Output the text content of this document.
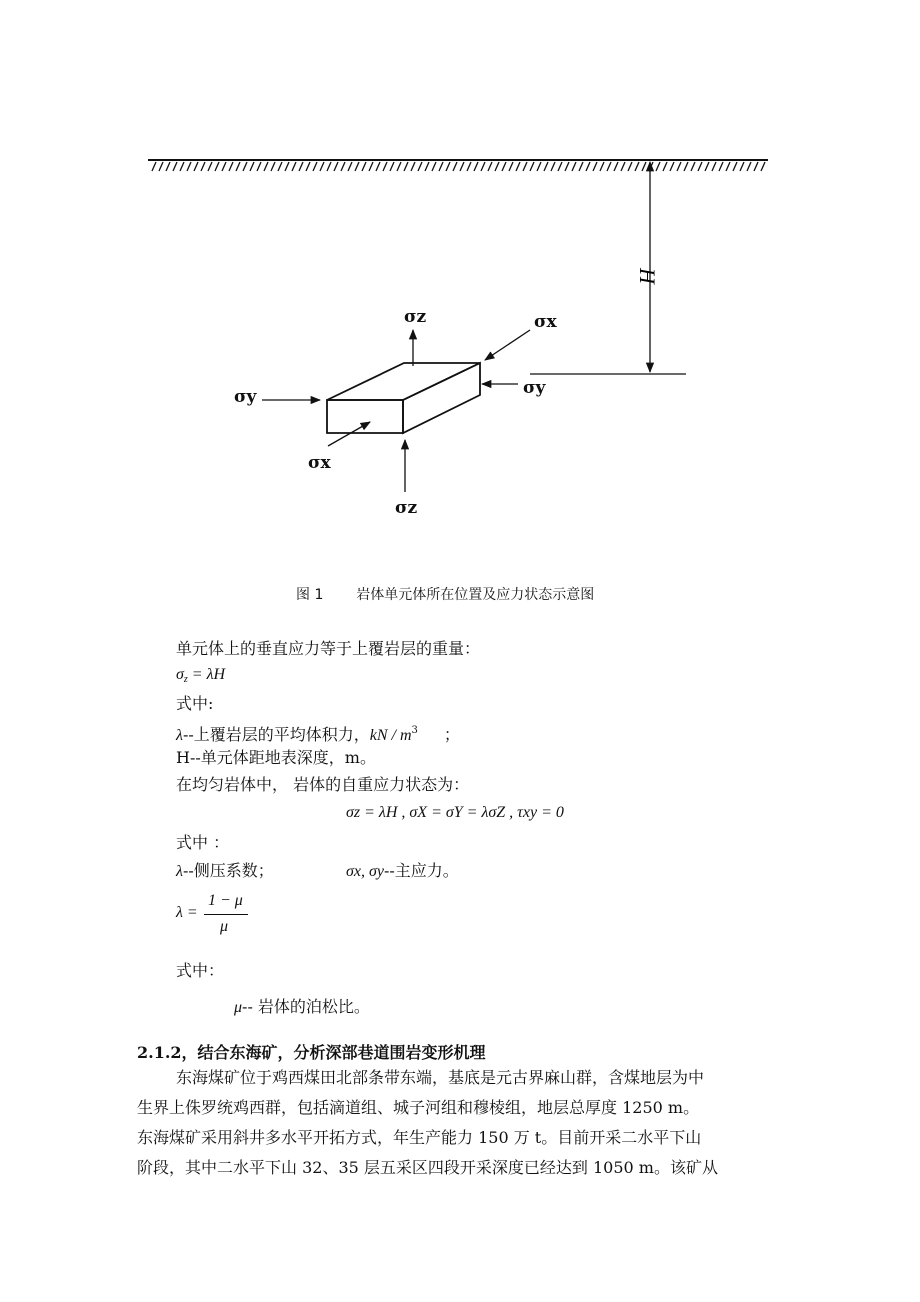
H
σz
σz
σy	σy
σx
σx
图 1 岩体单元体所在位置及应力状态示意图
单元体上的垂直应力等于上覆岩层的重量：
$\sigma_z = \lambda H$
式中:
λ--上覆岩层的平均体积力，kN / $m^3$ ；
H--单元体距地表深度，m。
在均匀岩体中， 岩体的自重应力状态为：
σz = λH , σX = σY = λσZ , τxy = 0
式中 ：
λ--侧压系数；	σx, σy--主应力。
λ =
1 − μ
μ
式中：
μ-- 岩体的泊松比。
2.1.2，结合东海矿，分析深部巷道围岩变形机理
东海煤矿位于鸡西煤田北部条带东端，基底是元古界麻山群，含煤地层为中
生界上侏罗统鸡西群，包括滴道组、城子河组和穆棱组，地层总厚度 1250 m。
东海煤矿采用斜井多水平开拓方式，年生产能力 150 万 t。目前开采二水平下山
阶段，其中二水平下山 32、35 层五采区四段开采深度已经达到 1050 m。该矿从
